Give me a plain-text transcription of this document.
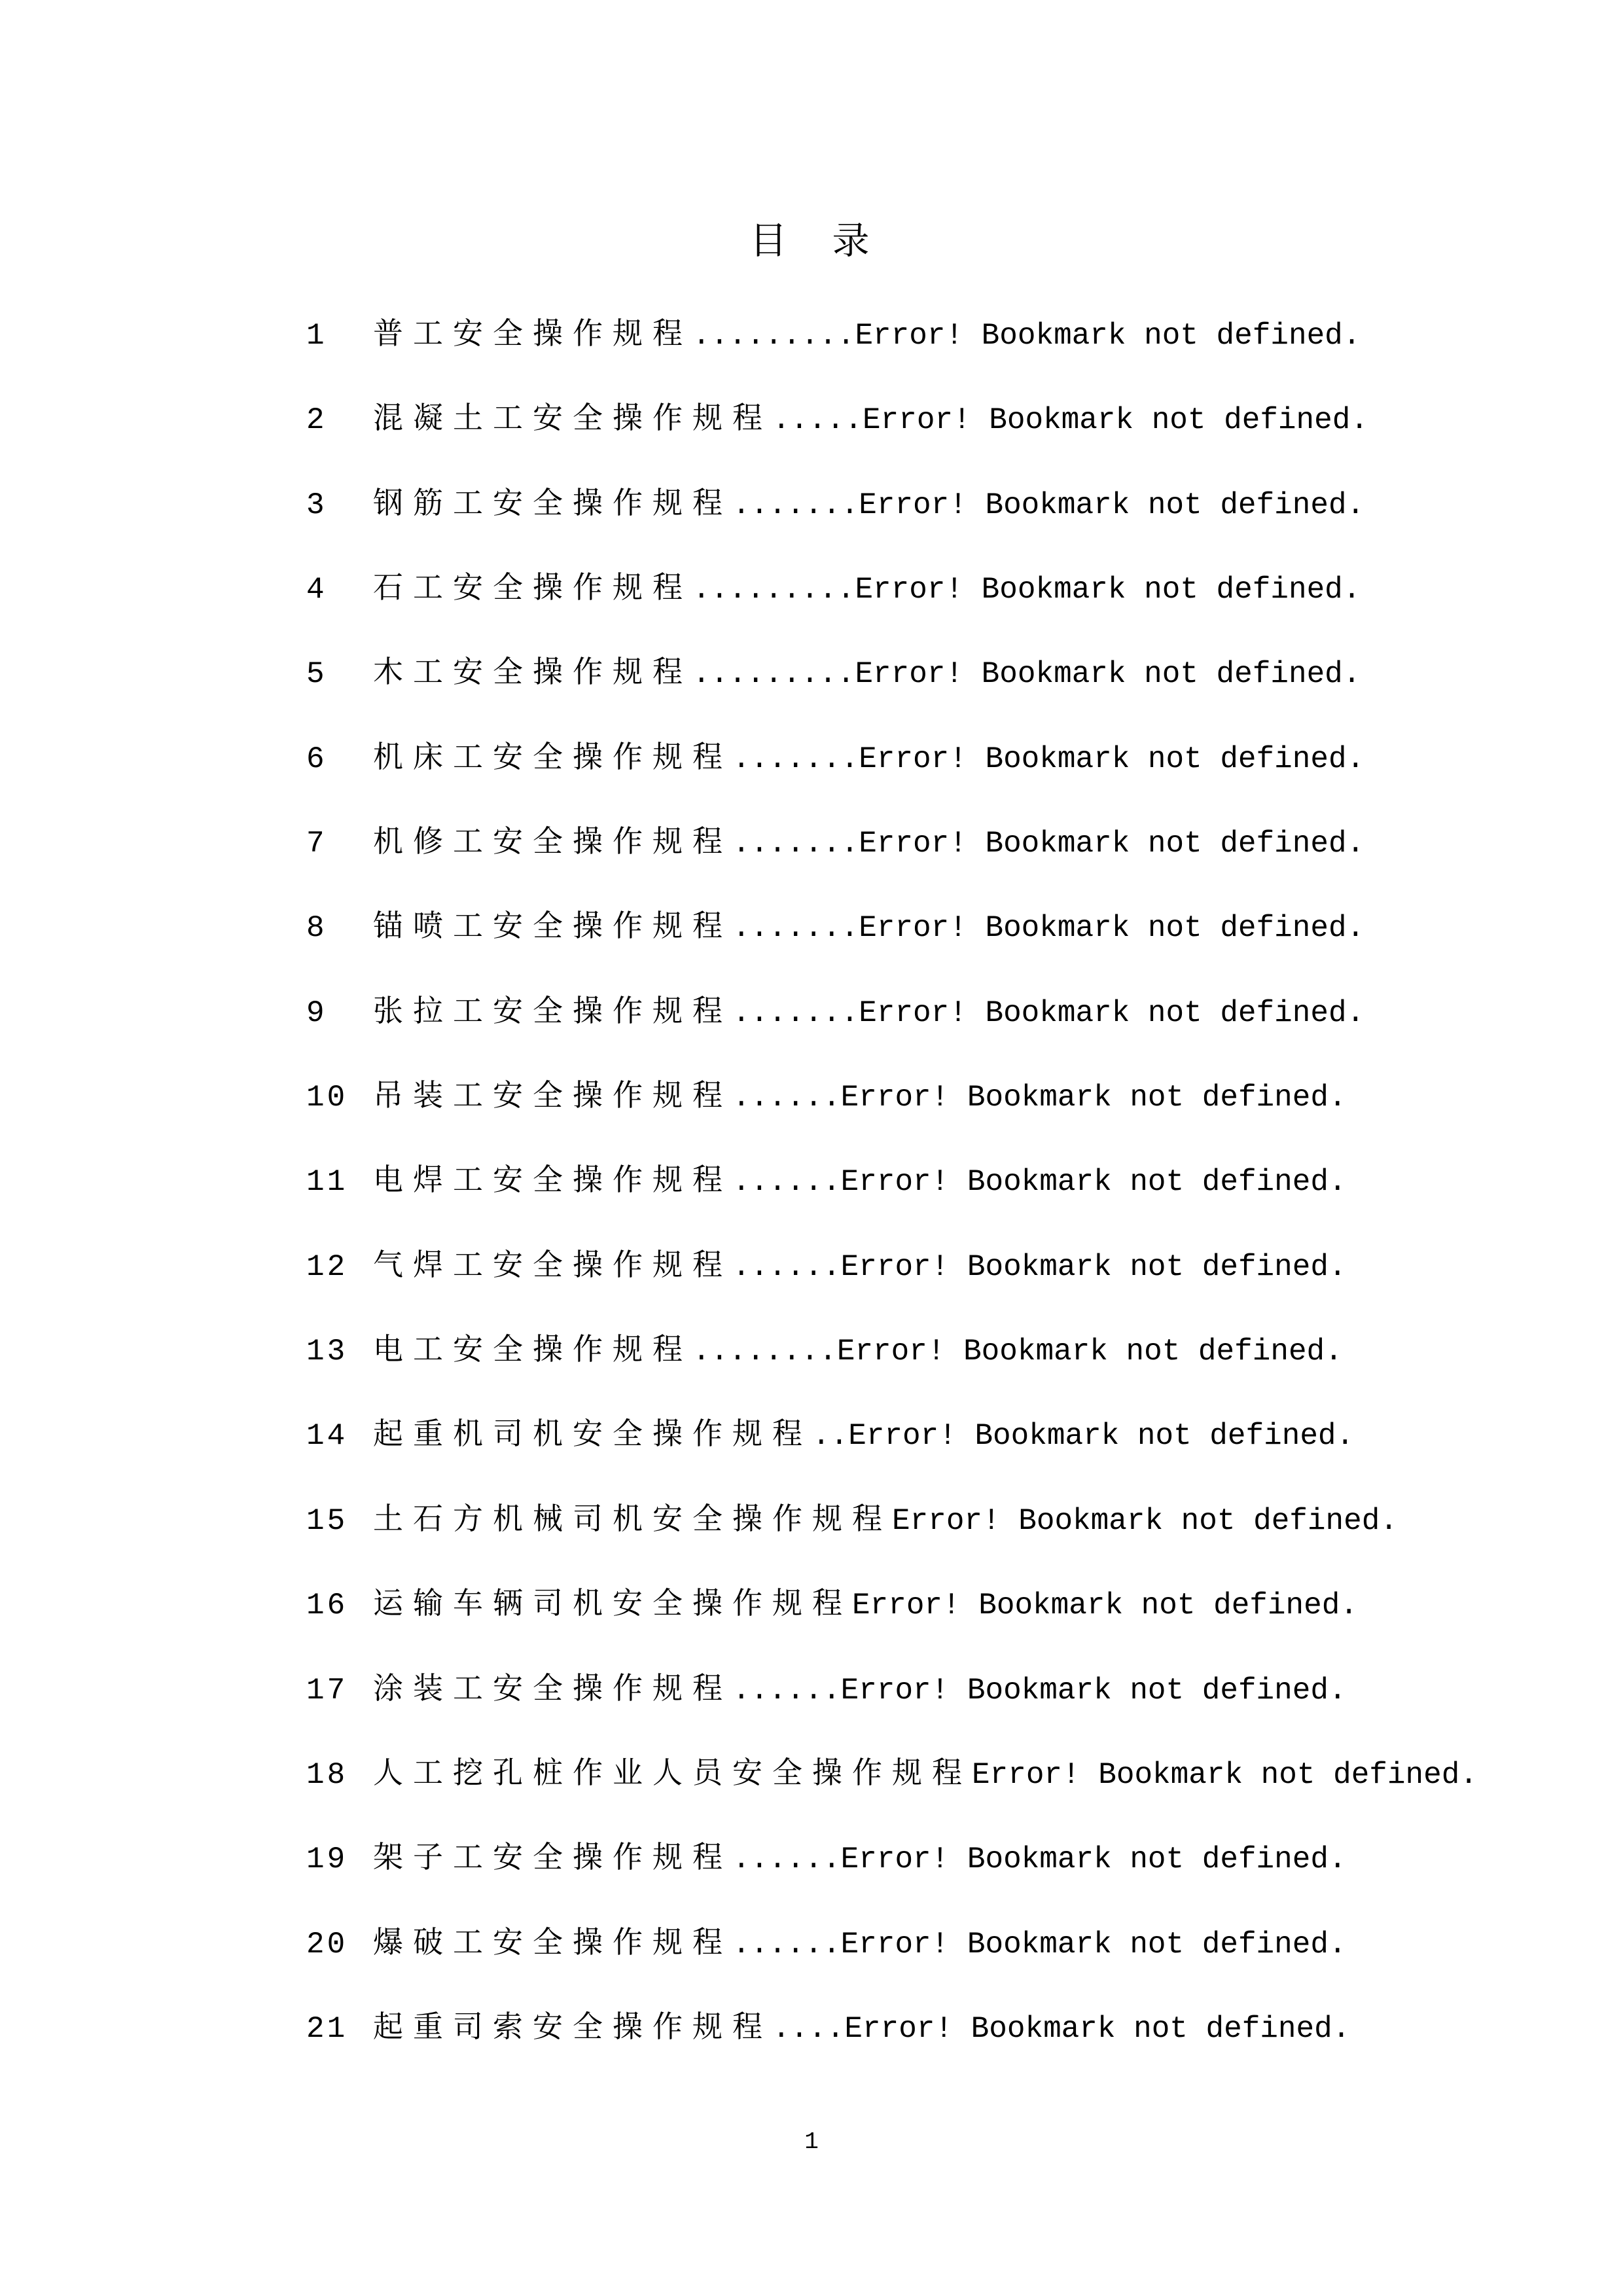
目　录
1 普工安全操作规程.........Error! Bookmark not defined.
2 混凝土工安全操作规程.....Error! Bookmark not defined.
3 钢筋工安全操作规程.......Error! Bookmark not defined.
4 石工安全操作规程.........Error! Bookmark not defined.
5 木工安全操作规程.........Error! Bookmark not defined.
6 机床工安全操作规程.......Error! Bookmark not defined.
7 机修工安全操作规程.......Error! Bookmark not defined.
8 锚喷工安全操作规程.......Error! Bookmark not defined.
9 张拉工安全操作规程.......Error! Bookmark not defined.
10 吊装工安全操作规程......Error! Bookmark not defined.
11 电焊工安全操作规程......Error! Bookmark not defined.
12 气焊工安全操作规程......Error! Bookmark not defined.
13 电工安全操作规程........Error! Bookmark not defined.
14 起重机司机安全操作规程..Error! Bookmark not defined.
15 土石方机械司机安全操作规程Error! Bookmark not defined.
16 运输车辆司机安全操作规程Error! Bookmark not defined.
17 涂装工安全操作规程......Error! Bookmark not defined.
18 人工挖孔桩作业人员安全操作规程Error! Bookmark not defined.
19 架子工安全操作规程......Error! Bookmark not defined.
20 爆破工安全操作规程......Error! Bookmark not defined.
21 起重司索安全操作规程....Error! Bookmark not defined.
1
